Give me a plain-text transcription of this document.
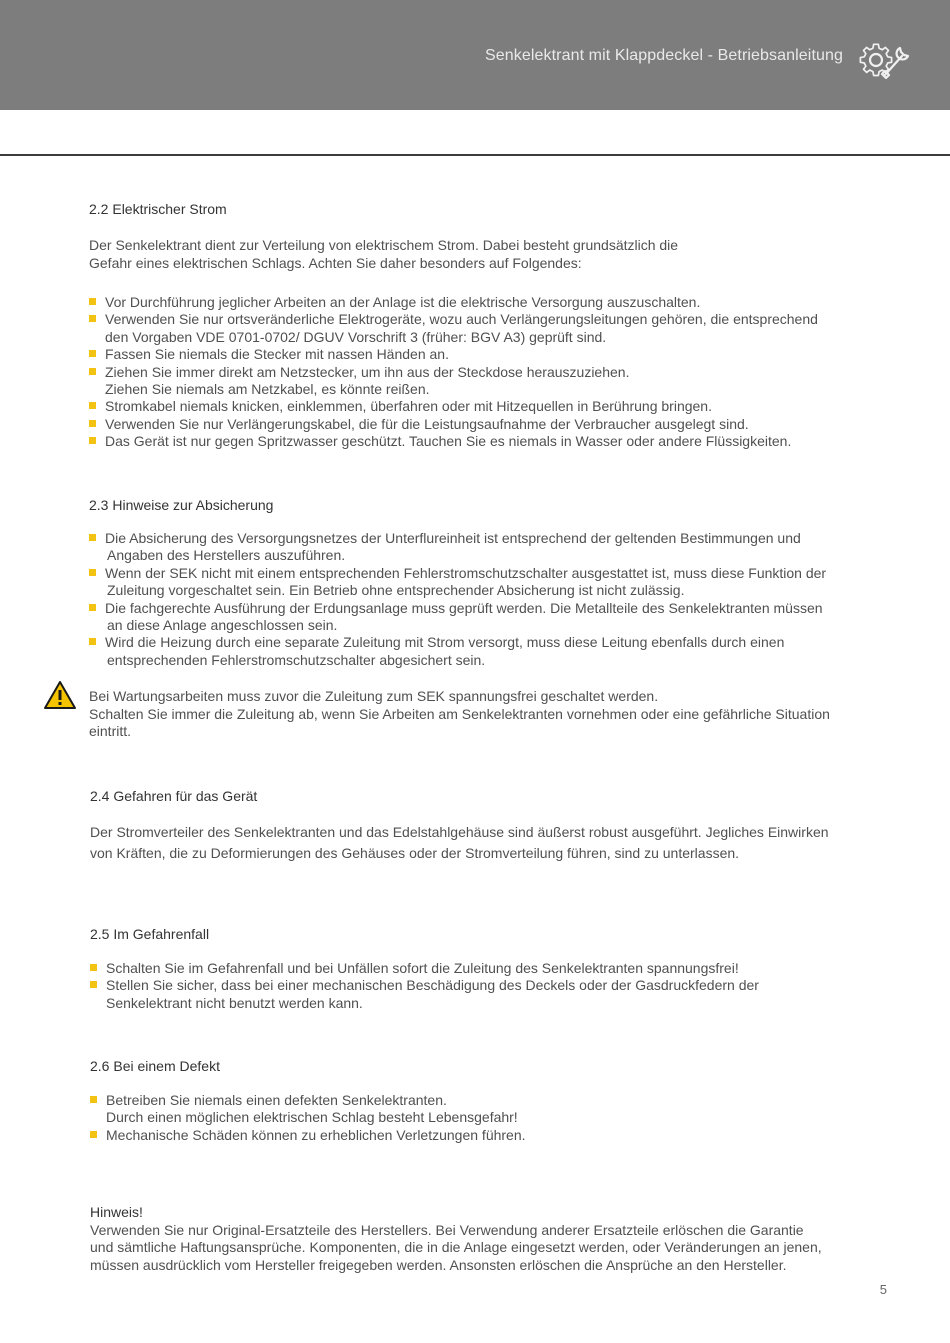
Senkelektrant mit Klappdeckel - Betriebsanleitung
2.2 Elektrischer Strom
Der Senkelektrant dient zur Verteilung von elektrischem Strom. Dabei besteht grundsätzlich die
Gefahr eines elektrischen Schlags. Achten Sie daher besonders auf Folgendes:
Vor Durchführung jeglicher Arbeiten an der Anlage ist die elektrische Versorgung auszuschalten.
Verwenden Sie nur ortsveränderliche Elektrogeräte, wozu auch Verlängerungsleitungen gehören, die entsprechend
den Vorgaben VDE 0701-0702/ DGUV Vorschrift 3 (früher: BGV A3) geprüft sind.
Fassen Sie niemals die Stecker mit nassen Händen an.
Ziehen Sie immer direkt am Netzstecker, um ihn aus der Steckdose herauszuziehen.
Ziehen Sie niemals am Netzkabel, es könnte reißen.
Stromkabel niemals knicken, einklemmen, überfahren oder mit Hitzequellen in Berührung bringen.
Verwenden Sie nur Verlängerungskabel, die für die Leistungsaufnahme der Verbraucher ausgelegt sind.
Das Gerät ist nur gegen Spritzwasser geschützt. Tauchen Sie es niemals in Wasser oder andere Flüssigkeiten.
2.3 Hinweise zur Absicherung
Die Absicherung des Versorgungsnetzes der Unterflureinheit ist entsprechend der geltenden Bestimmungen und
Angaben des Herstellers auszuführen.
Wenn der SEK nicht mit einem entsprechenden Fehlerstromschutzschalter ausgestattet ist, muss diese Funktion der
Zuleitung vorgeschaltet sein. Ein Betrieb ohne entsprechender Absicherung ist nicht zulässig.
Die fachgerechte Ausführung der Erdungsanlage muss geprüft werden. Die Metallteile des Senkelektranten müssen
an diese Anlage angeschlossen sein.
Wird die Heizung durch eine separate Zuleitung mit Strom versorgt, muss diese Leitung ebenfalls durch einen
entsprechenden Fehlerstromschutzschalter abgesichert sein.
Bei Wartungsarbeiten muss zuvor die Zuleitung zum SEK spannungsfrei geschaltet werden.
Schalten Sie immer die Zuleitung ab, wenn Sie Arbeiten am Senkelektranten vornehmen oder eine gefährliche Situation
eintritt.
2.4 Gefahren für das Gerät
Der Stromverteiler des Senkelektranten und das Edelstahlgehäuse sind äußerst robust ausgeführt. Jegliches Einwirken
von Kräften, die zu Deformierungen des Gehäuses oder der Stromverteilung führen, sind zu unterlassen.
2.5 Im Gefahrenfall
Schalten Sie im Gefahrenfall und bei Unfällen sofort die Zuleitung des Senkelektranten spannungsfrei!
Stellen Sie sicher, dass bei einer mechanischen Beschädigung des Deckels oder der Gasdruckfedern der
Senkelektrant nicht benutzt werden kann.
2.6 Bei einem Defekt
Betreiben Sie niemals einen defekten Senkelektranten.
Durch einen möglichen elektrischen Schlag besteht Lebensgefahr!
Mechanische Schäden können zu erheblichen Verletzungen führen.
Hinweis!
Verwenden Sie nur Original-Ersatzteile des Herstellers. Bei Verwendung anderer Ersatzteile erlöschen die Garantie
und sämtliche Haftungsansprüche. Komponenten, die in die Anlage eingesetzt werden, oder Veränderungen an jenen,
müssen ausdrücklich vom Hersteller freigegeben werden. Ansonsten erlöschen die Ansprüche an den Hersteller.
5
